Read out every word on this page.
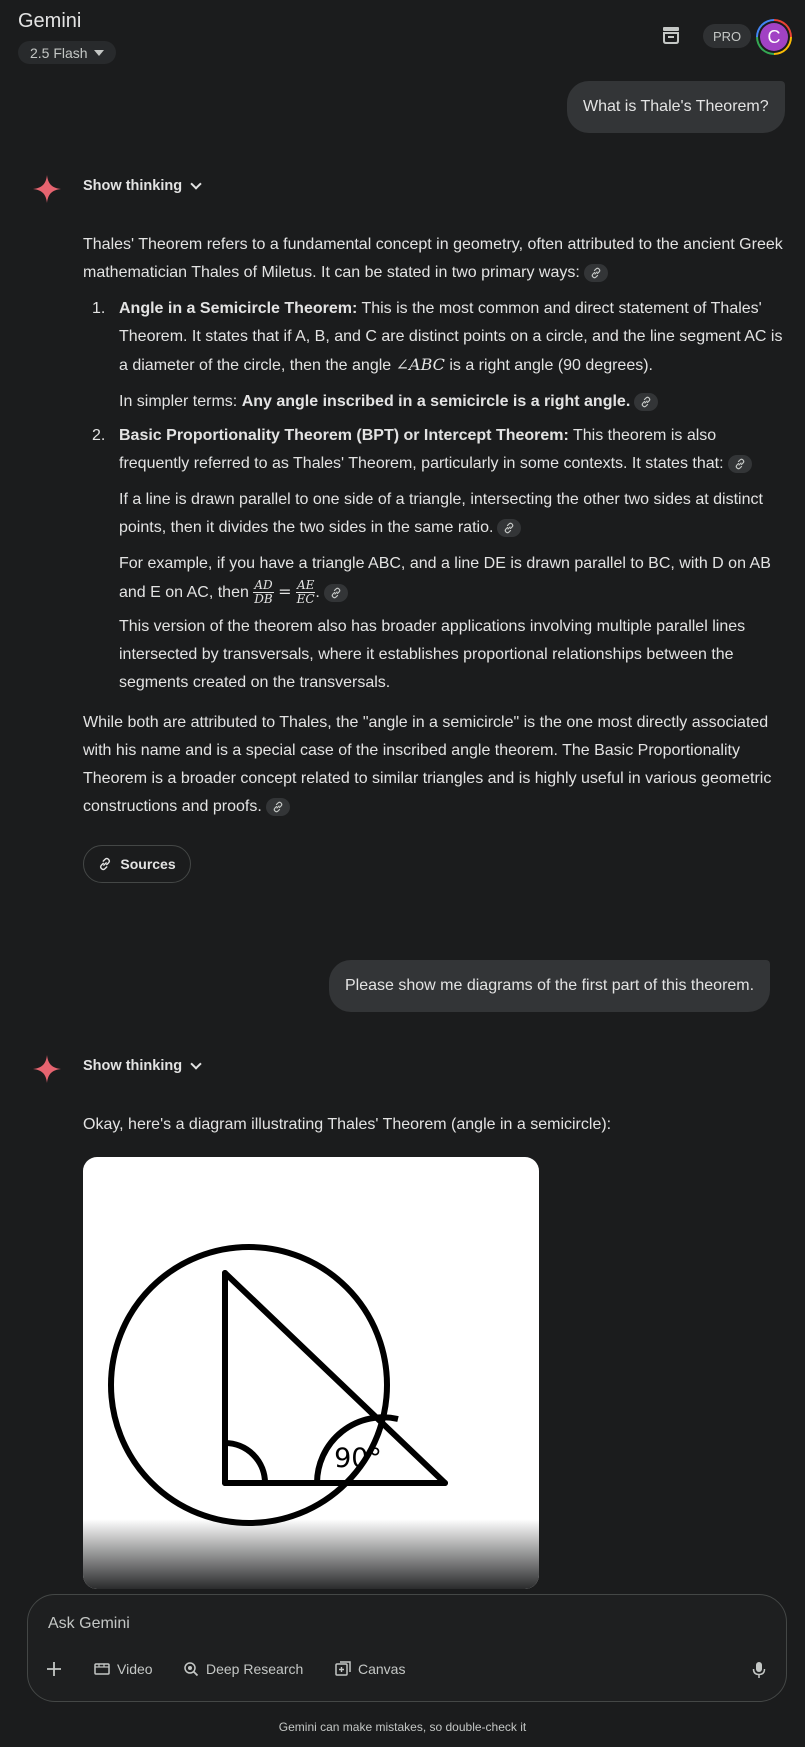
Gemini
2.5 Flash
PRO	C
What is Thale's Theorem?
Show thinking

Thales' Theorem refers to a fundamental concept in geometry, often attributed to the ancient Greek mathematician Thales of Miletus. It can be stated in two primary ways:

1. Angle in a Semicircle Theorem: This is the most common and direct statement of Thales' Theorem. It states that if A, B, and C are distinct points on a circle, and the line segment AC is a diameter of the circle, then the angle ∠ABC is a right angle (90 degrees).

In simpler terms: Any angle inscribed in a semicircle is a right angle.

2. Basic Proportionality Theorem (BPT) or Intercept Theorem: This theorem is also frequently referred to as Thales' Theorem, particularly in some contexts. It states that:

If a line is drawn parallel to one side of a triangle, intersecting the other two sides at distinct points, then it divides the two sides in the same ratio.

For example, if you have a triangle ABC, and a line DE is drawn parallel to BC, with D on AB and E on AC, then $\frac{AD}{DB} = \frac{AE}{EC}$ .

This version of the theorem also has broader applications involving multiple parallel lines intersected by transversals, where it establishes proportional relationships between the segments created on the transversals.

While both are attributed to Thales, the "angle in a semicircle" is the one most directly associated with his name and is a special case of the inscribed angle theorem. The Basic Proportionality Theorem is a broader concept related to similar triangles and is highly useful in various geometric constructions and proofs.

Sources
Please show me diagrams of the first part of this theorem.
Show thinking
Okay, here's a diagram illustrating Thales' Theorem (angle in a semicircle):
90°
Ask Gemini
Video	Deep Research	Canvas
Gemini can make mistakes, so double-check it
